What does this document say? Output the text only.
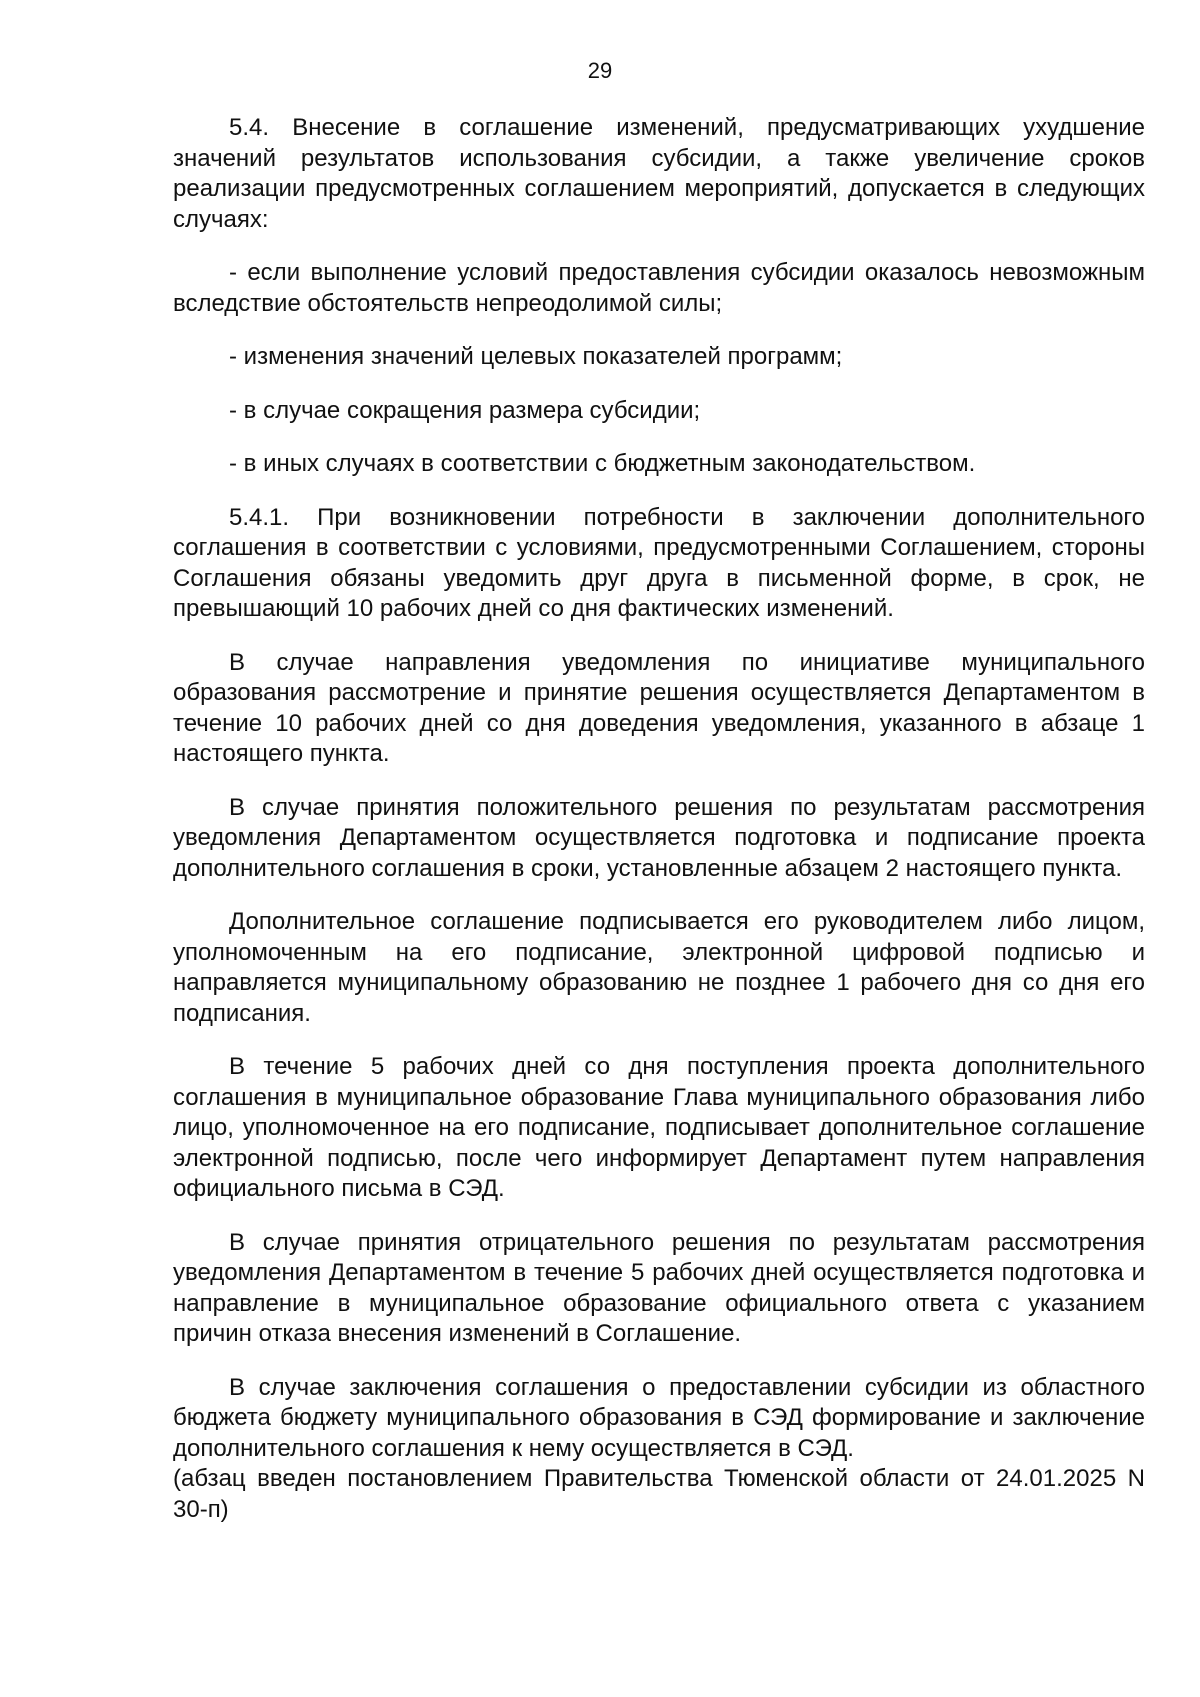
29

5.4. Внесение в соглашение изменений, предусматривающих ухудшение значений результатов использования субсидии, а также увеличение сроков реализации предусмотренных соглашением мероприятий, допускается в следующих случаях:

- если выполнение условий предоставления субсидии оказалось невозможным вследствие обстоятельств непреодолимой силы;

- изменения значений целевых показателей программ;

- в случае сокращения размера субсидии;

- в иных случаях в соответствии с бюджетным законодательством.

5.4.1. При возникновении потребности в заключении дополнительного соглашения в соответствии с условиями, предусмотренными Соглашением, стороны Соглашения обязаны уведомить друг друга в письменной форме, в срок, не превышающий 10 рабочих дней со дня фактических изменений.

В случае направления уведомления по инициативе муниципального образования рассмотрение и принятие решения осуществляется Департаментом в течение 10 рабочих дней со дня доведения уведомления, указанного в абзаце 1 настоящего пункта.

В случае принятия положительного решения по результатам рассмотрения уведомления Департаментом осуществляется подготовка и подписание проекта дополнительного соглашения в сроки, установленные абзацем 2 настоящего пункта.

Дополнительное соглашение подписывается его руководителем либо лицом, уполномоченным на его подписание, электронной цифровой подписью и направляется муниципальному образованию не позднее 1 рабочего дня со дня его подписания.

В течение 5 рабочих дней со дня поступления проекта дополнительного соглашения в муниципальное образование Глава муниципального образования либо лицо, уполномоченное на его подписание, подписывает дополнительное соглашение электронной подписью, после чего информирует Департамент путем направления официального письма в СЭД.

В случае принятия отрицательного решения по результатам рассмотрения уведомления Департаментом в течение 5 рабочих дней осуществляется подготовка и направление в муниципальное образование официального ответа с указанием причин отказа внесения изменений в Соглашение.

В случае заключения соглашения о предоставлении субсидии из областного бюджета бюджету муниципального образования в СЭД формирование и заключение дополнительного соглашения к нему осуществляется в СЭД.

(абзац введен постановлением Правительства Тюменской области от 24.01.2025 N 30-п)
